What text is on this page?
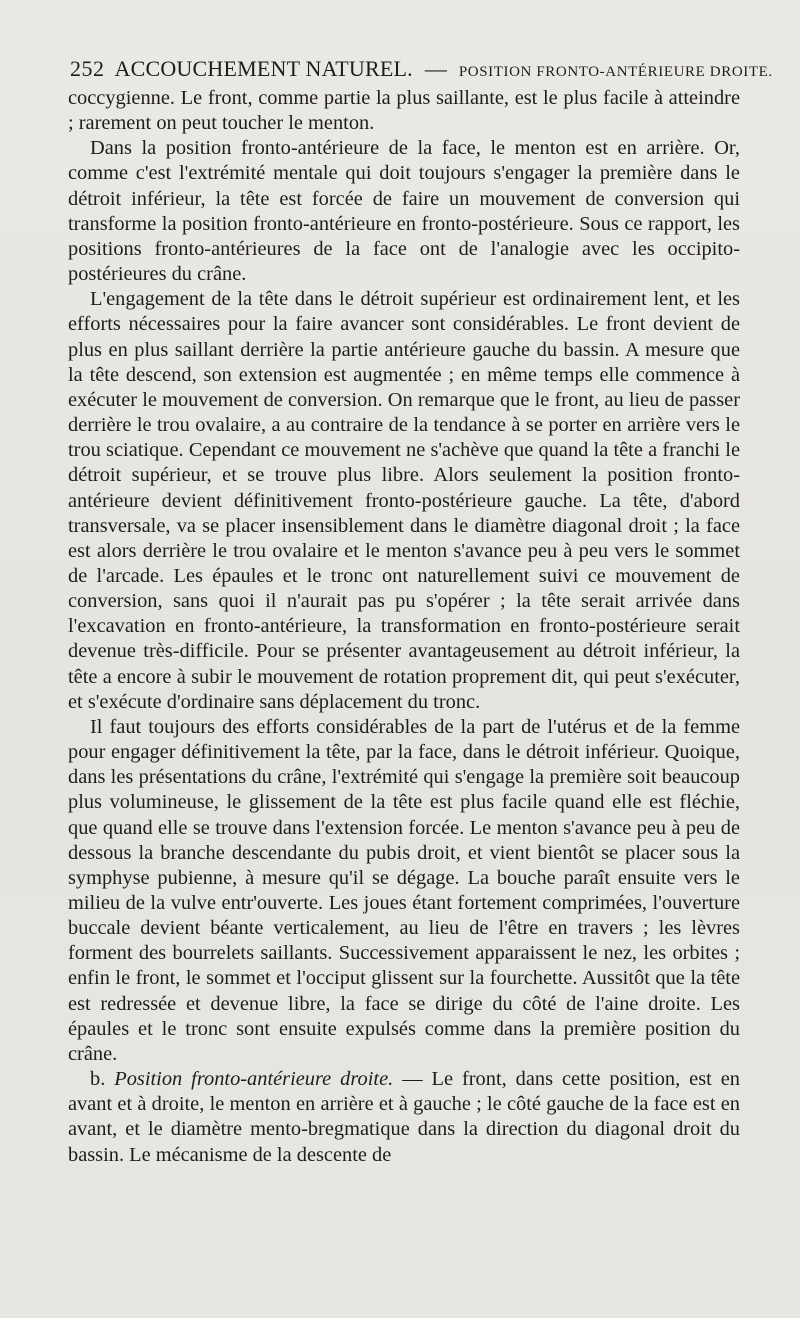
252 ACCOUCHEMENT NATUREL. — POSITION FRONTO-ANTÉRIEURE DROITE.

coccygienne. Le front, comme partie la plus saillante, est le plus facile à atteindre ; rarement on peut toucher le menton.

Dans la position fronto-antérieure de la face, le menton est en arrière. Or, comme c'est l'extrémité mentale qui doit toujours s'engager la première dans le détroit inférieur, la tête est forcée de faire un mouvement de conversion qui transforme la position fronto-antérieure en fronto-postérieure. Sous ce rapport, les positions fronto-antérieures de la face ont de l'analogie avec les occipito-postérieures du crâne.

L'engagement de la tête dans le détroit supérieur est ordinairement lent, et les efforts nécessaires pour la faire avancer sont considérables. Le front devient de plus en plus saillant derrière la partie antérieure gauche du bassin. A mesure que la tête descend, son extension est augmentée ; en même temps elle commence à exécuter le mouvement de conversion. On remarque que le front, au lieu de passer derrière le trou ovalaire, a au contraire de la tendance à se porter en arrière vers le trou sciatique. Cependant ce mouvement ne s'achève que quand la tête a franchi le détroit supérieur, et se trouve plus libre. Alors seulement la position fronto-antérieure devient définitivement fronto-postérieure gauche. La tête, d'abord transversale, va se placer insensiblement dans le diamètre diagonal droit ; la face est alors derrière le trou ovalaire et le menton s'avance peu à peu vers le sommet de l'arcade. Les épaules et le tronc ont naturellement suivi ce mouvement de conversion, sans quoi il n'aurait pas pu s'opérer ; la tête serait arrivée dans l'excavation en fronto-antérieure, la transformation en fronto-postérieure serait devenue très-difficile. Pour se présenter avantageusement au détroit inférieur, la tête a encore à subir le mouvement de rotation proprement dit, qui peut s'exécuter, et s'exécute d'ordinaire sans déplacement du tronc.

Il faut toujours des efforts considérables de la part de l'utérus et de la femme pour engager définitivement la tête, par la face, dans le détroit inférieur. Quoique, dans les présentations du crâne, l'extrémité qui s'engage la première soit beaucoup plus volumineuse, le glissement de la tête est plus facile quand elle est fléchie, que quand elle se trouve dans l'extension forcée. Le menton s'avance peu à peu de dessous la branche descendante du pubis droit, et vient bientôt se placer sous la symphyse pubienne, à mesure qu'il se dégage. La bouche paraît ensuite vers le milieu de la vulve entr'ouverte. Les joues étant fortement comprimées, l'ouverture buccale devient béante verticalement, au lieu de l'être en travers ; les lèvres forment des bourrelets saillants. Successivement apparaissent le nez, les orbites ; enfin le front, le sommet et l'occiput glissent sur la fourchette. Aussitôt que la tête est redressée et devenue libre, la face se dirige du côté de l'aine droite. Les épaules et le tronc sont ensuite expulsés comme dans la première position du crâne.

b. Position fronto-antérieure droite. — Le front, dans cette position, est en avant et à droite, le menton en arrière et à gauche ; le côté gauche de la face est en avant, et le diamètre mento-bregmatique dans la direction du diagonal droit du bassin. Le mécanisme de la descente de
